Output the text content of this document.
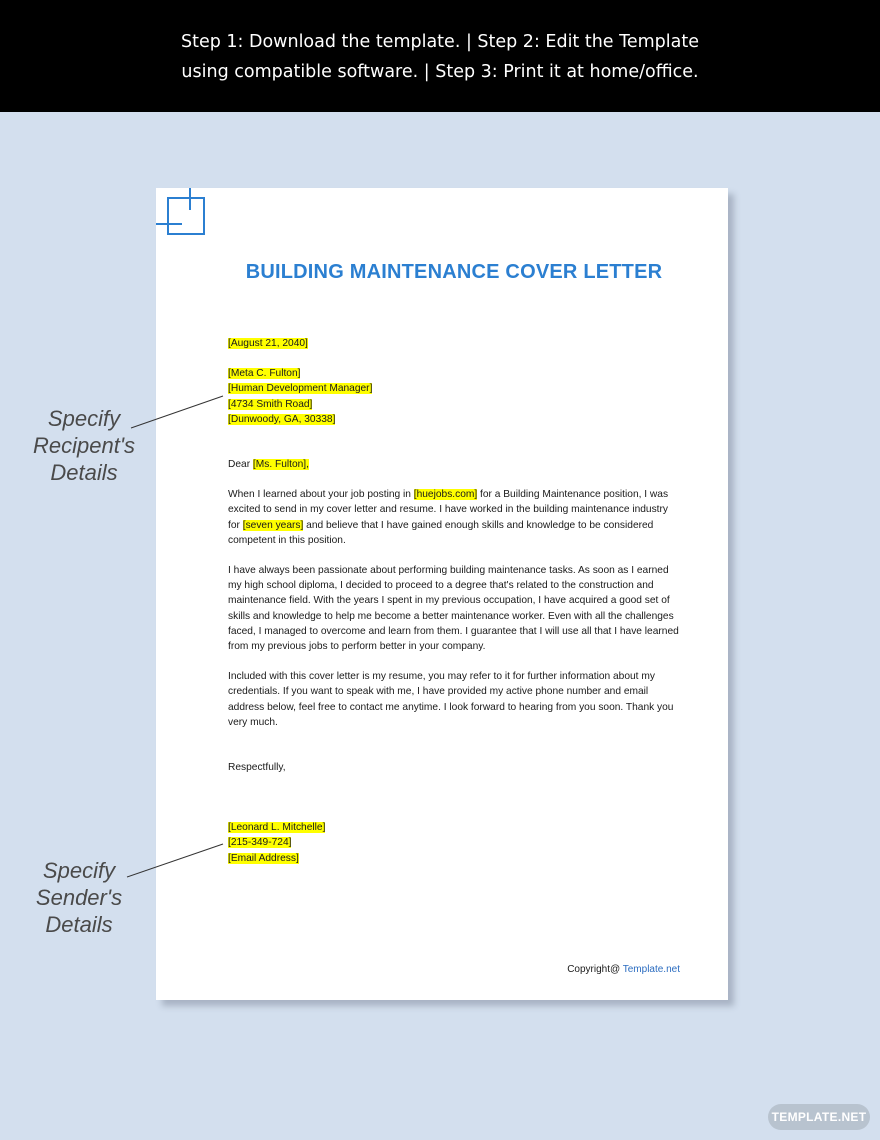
Step 1: Download the template. | Step 2: Edit the Template
using compatible software. | Step 3: Print it at home/office.
BUILDING MAINTENANCE COVER LETTER

[August 21, 2040]

[Meta C. Fulton]

[Human Development Manager]

[4734 Smith Road]

[Dunwoody, GA, 30338]

Dear [Ms. Fulton],

When I learned about your job posting in [huejobs.com] for a Building Maintenance position, I was excited to send in my cover letter and resume. I have worked in the building maintenance industry for [seven years] and believe that I have gained enough skills and knowledge to be considered competent in this position.

I have always been passionate about performing building maintenance tasks. As soon as I earned my high school diploma, I decided to proceed to a degree that's related to the construction and maintenance field. With the years I spent in my previous occupation, I have acquired a good set of skills and knowledge to help me become a better maintenance worker. Even with all the challenges faced, I managed to overcome and learn from them. I guarantee that I will use all that I have learned from my previous jobs to perform better in your company.

Included with this cover letter is my resume, you may refer to it for further information about my credentials. If you want to speak with me, I have provided my active phone number and email address below, feel free to contact me anytime. I look forward to hearing from you soon. Thank you very much.

Respectfully,

[Leonard L. Mitchelle]

[215-349-724]

[Email Address]

Copyright@ Template.net
Specify
Recipent's
Details
Specify
Sender's
Details
TEMPLATE.NET
